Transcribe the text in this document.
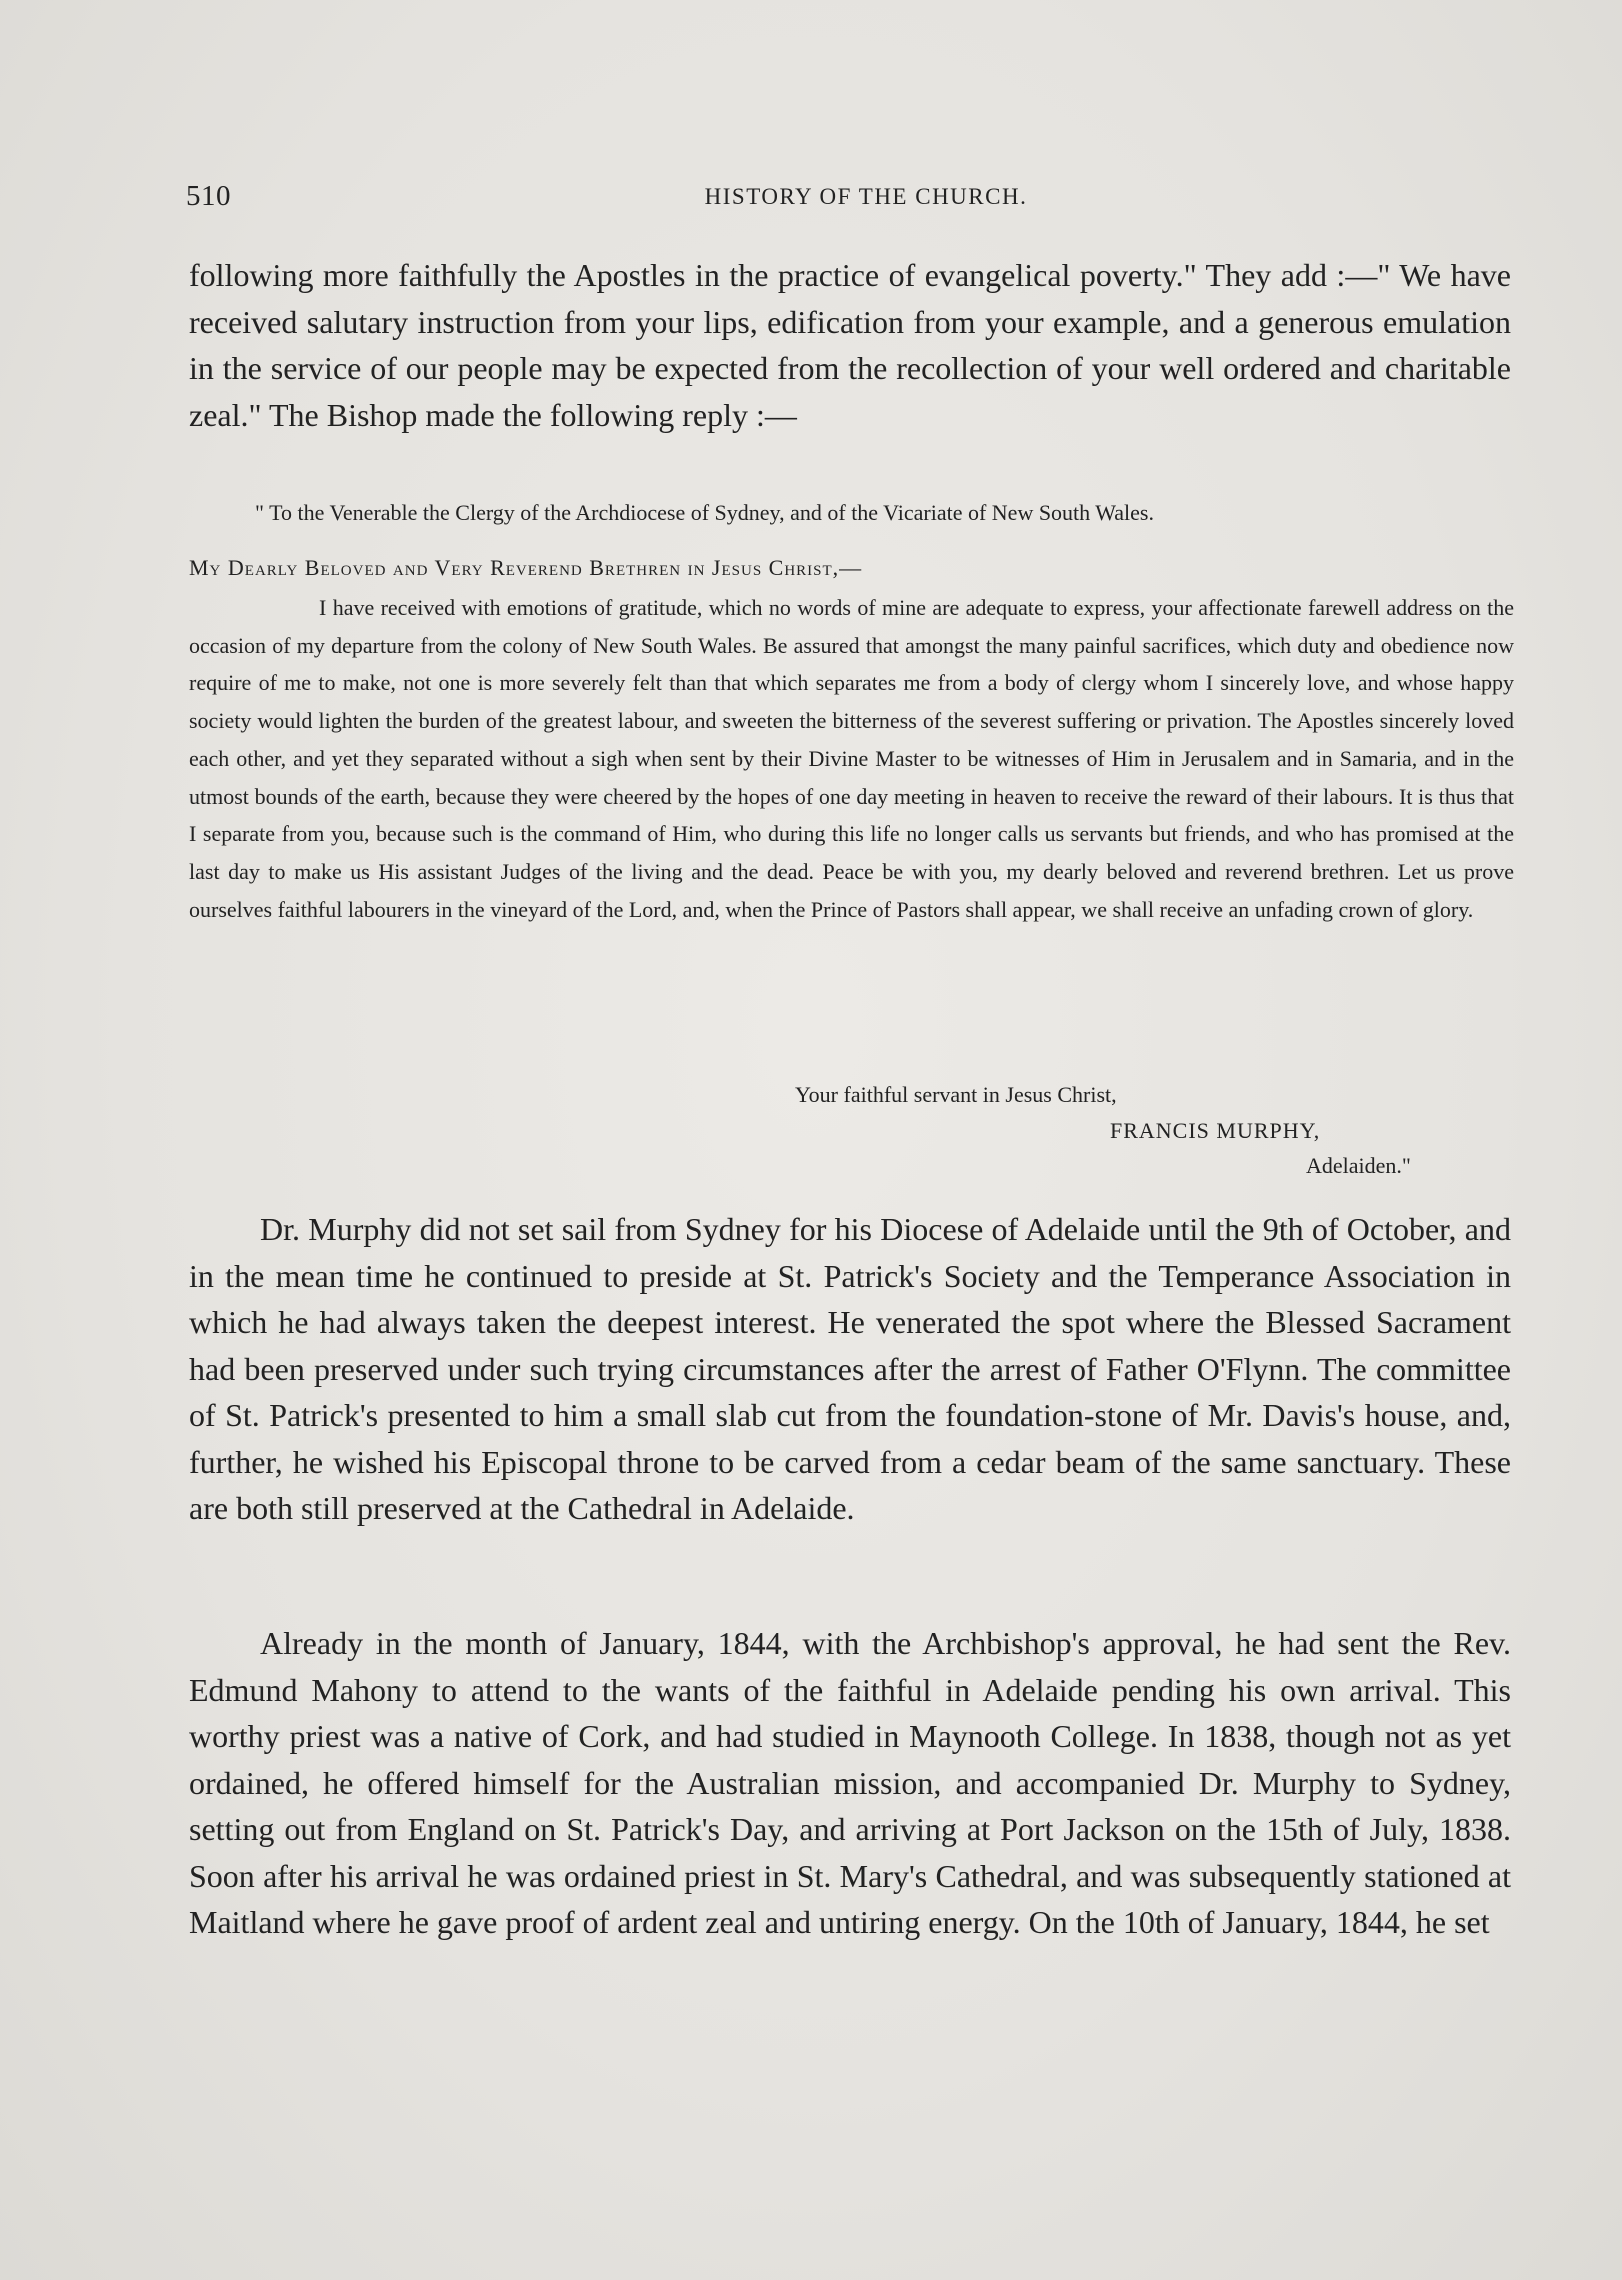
510	HISTORY OF THE CHURCH.
following more faithfully the Apostles in the practice of evangelical poverty." They add :—" We have received salutary instruction from your lips, edification from your example, and a generous emulation in the service of our people may be expected from the recollection of your well ordered and charitable zeal." The Bishop made the following reply :—
" To the Venerable the Clergy of the Archdiocese of Sydney, and of the Vicariate of New South Wales.
My Dearly Beloved and Very Reverend Brethren in Jesus Christ,—
I have received with emotions of gratitude, which no words of mine are adequate to express, your affectionate farewell address on the occasion of my departure from the colony of New South Wales. Be assured that amongst the many painful sacrifices, which duty and obedience now require of me to make, not one is more severely felt than that which separates me from a body of clergy whom I sincerely love, and whose happy society would lighten the burden of the greatest labour, and sweeten the bitterness of the severest suffering or privation. The Apostles sincerely loved each other, and yet they separated without a sigh when sent by their Divine Master to be witnesses of Him in Jerusalem and in Samaria, and in the utmost bounds of the earth, because they were cheered by the hopes of one day meeting in heaven to receive the reward of their labours. It is thus that I separate from you, because such is the command of Him, who during this life no longer calls us servants but friends, and who has promised at the last day to make us His assistant Judges of the living and the dead. Peace be with you, my dearly beloved and reverend brethren. Let us prove ourselves faithful labourers in the vineyard of the Lord, and, when the Prince of Pastors shall appear, we shall receive an unfading crown of glory.
Your faithful servant in Jesus Christ,
FRANCIS MURPHY,
Adelaiden."
Dr. Murphy did not set sail from Sydney for his Diocese of Adelaide until the 9th of October, and in the mean time he continued to preside at St. Patrick's Society and the Temperance Association in which he had always taken the deepest interest. He venerated the spot where the Blessed Sacrament had been preserved under such trying circumstances after the arrest of Father O'Flynn. The committee of St. Patrick's presented to him a small slab cut from the foundation-stone of Mr. Davis's house, and, further, he wished his Episcopal throne to be carved from a cedar beam of the same sanctuary. These are both still preserved at the Cathedral in Adelaide.
Already in the month of January, 1844, with the Archbishop's approval, he had sent the Rev. Edmund Mahony to attend to the wants of the faithful in Adelaide pending his own arrival. This worthy priest was a native of Cork, and had studied in Maynooth College. In 1838, though not as yet ordained, he offered himself for the Australian mission, and accompanied Dr. Murphy to Sydney, setting out from England on St. Patrick's Day, and arriving at Port Jackson on the 15th of July, 1838. Soon after his arrival he was ordained priest in St. Mary's Cathedral, and was subsequently stationed at Maitland where he gave proof of ardent zeal and untiring energy. On the 10th of January, 1844, he set
